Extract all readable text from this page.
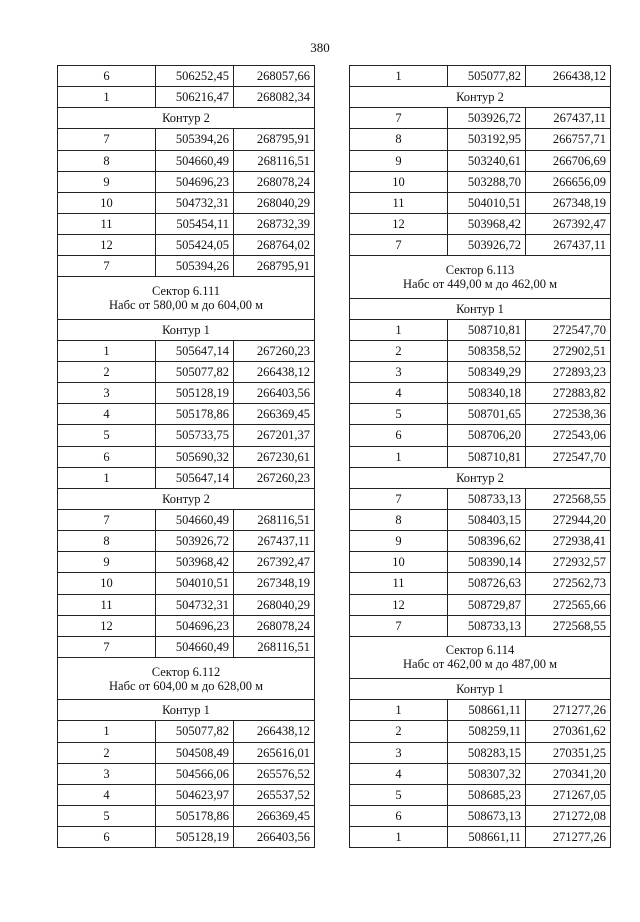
380
6	506252,45	268057,66
1	506216,47	268082,34
Контур 2		
7	505394,26	268795,91
8	504660,49	268116,51
9	504696,23	268078,24
10	504732,31	268040,29
11	505454,11	268732,39
12	505424,05	268764,02
7	505394,26	268795,91

Сектор 6.111
Набс от 580,00 м до 604,00 м		

Контур 1		
1	505647,14	267260,23
2	505077,82	266438,12
3	505128,19	266403,56
4	505178,86	266369,45
5	505733,75	267201,37
6	505690,32	267230,61
1	505647,14	267260,23
Контур 2		
7	504660,49	268116,51
8	503926,72	267437,11
9	503968,42	267392,47
10	504010,51	267348,19
11	504732,31	268040,29
12	504696,23	268078,24
7	504660,49	268116,51

Сектор 6.112
Набс от 604,00 м до 628,00 м		

Контур 1		
1	505077,82	266438,12
2	504508,49	265616,01
3	504566,06	265576,52
4	504623,97	265537,52
5	505178,86	266369,45
6	505128,19	266403,56
1	505077,82	266438,12
Контур 2		
7	503926,72	267437,11
8	503192,95	266757,71
9	503240,61	266706,69
10	503288,70	266656,09
11	504010,51	267348,19
12	503968,42	267392,47
7	503926,72	267437,11

Сектор 6.113
Набс от 449,00 м до 462,00 м		

Контур 1		
1	508710,81	272547,70
2	508358,52	272902,51
3	508349,29	272893,23
4	508340,18	272883,82
5	508701,65	272538,36
6	508706,20	272543,06
1	508710,81	272547,70
Контур 2		
7	508733,13	272568,55
8	508403,15	272944,20
9	508396,62	272938,41
10	508390,14	272932,57
11	508726,63	272562,73
12	508729,87	272565,66
7	508733,13	272568,55

Сектор 6.114
Набс от 462,00 м до 487,00 м		

Контур 1		
1	508661,11	271277,26
2	508259,11	270361,62
3	508283,15	270351,25
4	508307,32	270341,20
5	508685,23	271267,05
6	508673,13	271272,08
1	508661,11	271277,26
